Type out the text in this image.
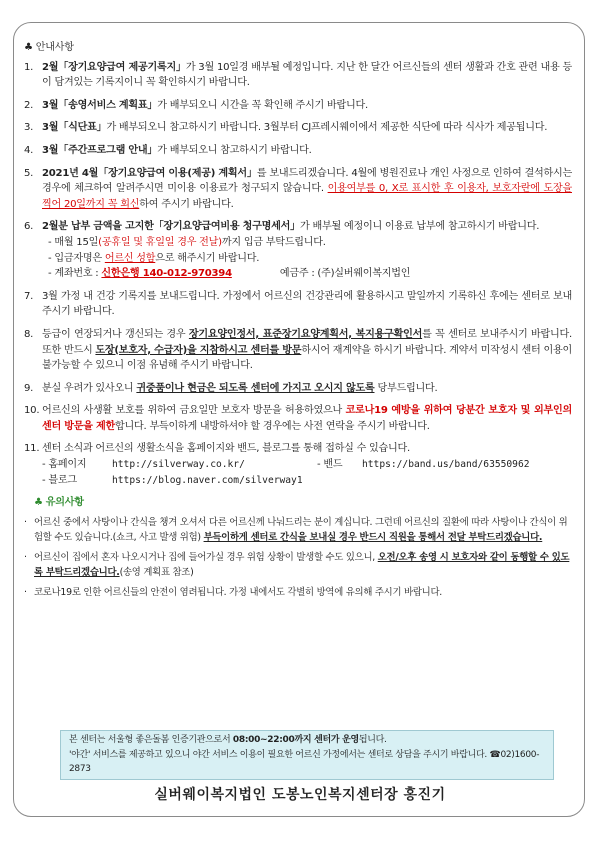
♣ 안내사항
1. 2월「장기요양급여 제공기록지」가 3월 10일경 배부될 예정입니다. 지난 한 달간 어르신들의 센터 생활과 간호 관련 내용 등이 담겨있는 기록지이니 꼭 확인하시기 바랍니다.
2. 3월「송영서비스 계획표」가 배부되오니 시간을 꼭 확인해 주시기 바랍니다.
3. 3월「식단표」가 배부되오니 참고하시기 바랍니다. 3월부터 CJ프레시웨이에서 제공한 식단에 따라 식사가 제공됩니다.
4. 3월「주간프로그램 안내」가 배부되오니 참고하시기 바랍니다.
5. 2021년 4월「장기요양급여 이용(제공) 계획서」를 보내드리겠습니다. 4월에 병원진료나 개인 사정으로 인하여 결석하시는 경우에 체크하여 알려주시면 미이용 이용료가 청구되지 않습니다. 이용여부를 0, X로 표시한 후 이용자, 보호자란에 도장을 찍어 20일까지 꼭 회신하여 주시기 바랍니다.
6. 2월분 납부 금액을 고지한「장기요양급여비용 청구명세서」가 배부될 예정이니 이용료 납부에 참고하시기 바랍니다.
- 매월 15일(공휴일 및 휴일일 경우 전날)까지 입금 부탁드립니다.
- 입금자명은 어르신 성함으로 해주시기 바랍니다.
- 계좌번호 : 신한은행 140-012-970394	예금주 : (주)실버웨이복지법인
7. 3월 가정 내 건강 기록지를 보내드립니다. 가정에서 어르신의 건강관리에 활용하시고 말일까지 기록하신 후에는 센터로 보내주시기 바랍니다.
8. 등급이 연장되거나 갱신되는 경우 장기요양인정서, 표준장기요양계획서, 복지용구확인서를 꼭 센터로 보내주시기 바랍니다. 또한 반드시 도장(보호자, 수급자)을 지참하시고 센터를 방문하시어 재계약을 하시기 바랍니다. 계약서 미작성시 센터 이용이 불가능할 수 있으니 이점 유념해 주시기 바랍니다.
9. 분실 우려가 있사오니 귀중품이나 현금은 되도록 센터에 가지고 오시지 않도록 당부드립니다.
10. 어르신의 사생활 보호를 위하여 금요일만 보호자 방문을 허용하였으나 코로나19 예방을 위하여 당분간 보호자 및 외부인의 센터 방문을 제한합니다. 부득이하게 내방하셔야 할 경우에는 사전 연락을 주시기 바랍니다.
11. 센터 소식과 어르신의 생활소식을 홈페이지와 밴드, 블로그를 통해 접하실 수 있습니다.
- 홈페이지	http://silverway.co.kr/	- 밴드	https://band.us/band/63550962
- 블로그	https://blog.naver.com/silverway1
♣ 유의사항
· 어르신 중에서 사탕이나 간식을 챙겨 오셔서 다른 어르신께 나눠드리는 분이 계십니다. 그런데 어르신의 질환에 따라 사탕이나 간식이 위험할 수도 있습니다.(쇼크, 사고 발생 위험) 부득이하게 센터로 간식을 보내실 경우 반드시 직원을 통해서 전달 부탁드리겠습니다.
· 어르신이 집에서 혼자 나오시거나 집에 들어가실 경우 위험 상황이 발생할 수도 있으니, 오전/오후 송영 시 보호자와 같이 동행할 수 있도록 부탁드리겠습니다.(송영 계획표 참조)
· 코로나19로 인한 어르신들의 안전이 염려됩니다. 가정 내에서도 각별히 방역에 유의해 주시기 바랍니다.
본 센터는 서울형 좋은돌봄 인증기관으로서 08:00~22:00까지 센터가 운영됩니다.
'야간' 서비스를 제공하고 있으니 야간 서비스 이용이 필요한 어르신 가정에서는 센터로 상담을 주시기 바랍니다. ☎02)1600-2873
실버웨이복지법인 도봉노인복지센터장 홍진기
